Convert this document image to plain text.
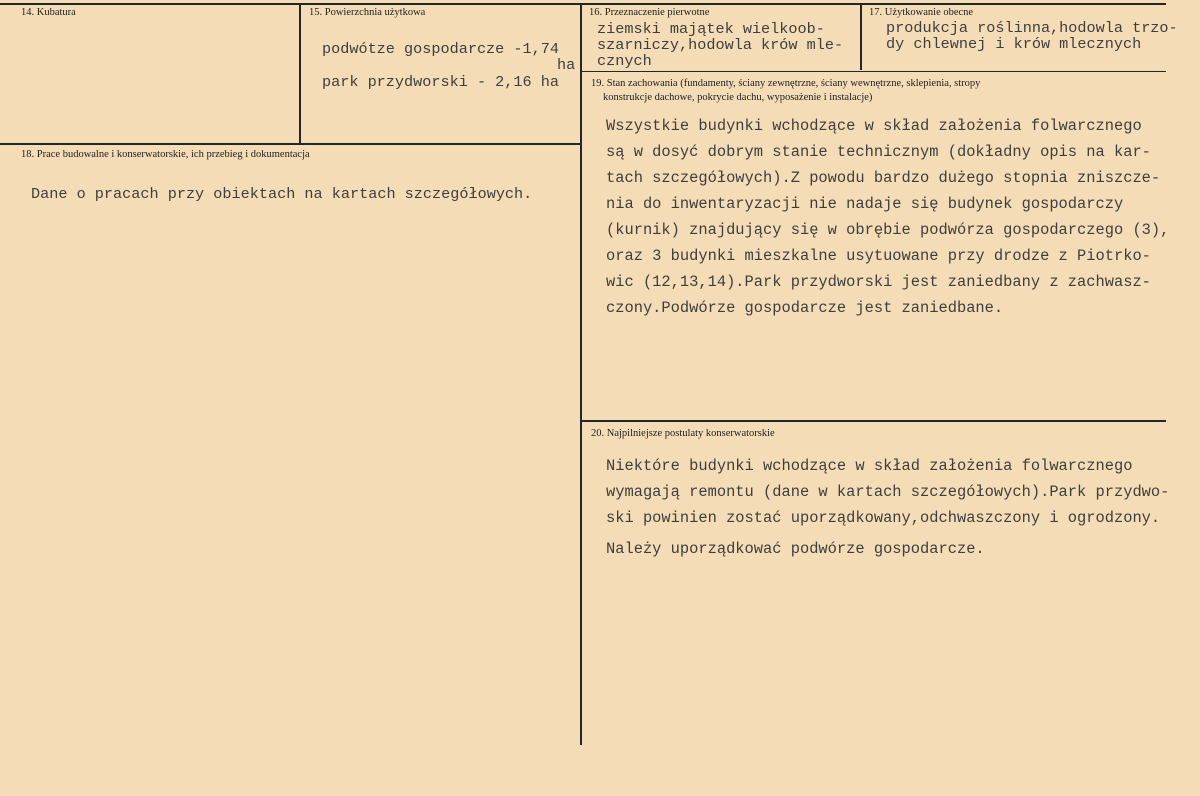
14. Kubatura	15. Powierzchnia użytkowa
podwótze gospodarcze -1,74
ha
park przydworski - 2,16 ha
16. Przeznaczenie pierwotne
ziemski majątek wielkoob-
szarniczy,hodowla krów mle-
cznych
17. Użytkowanie obecne
produkcja roślinna,hodowla trzo-
dy chlewnej i krów mlecznych
18. Prace budowalne i konserwatorskie, ich przebieg i dokumentacja
Dane o pracach przy obiektach na kartach szczegółowych.
19. Stan zachowania (fundamenty, ściany zewnętrzne, ściany wewnętrzne, sklepienia, stropy
konstrukcje dachowe, pokrycie dachu, wyposażenie i instalacje)
Wszystkie budynki wchodzące w skład założenia folwarcznego
są w dosyć dobrym stanie technicznym (dokładny opis na kar-
tach szczegółowych).Z powodu bardzo dużego stopnia zniszcze-
nia do inwentaryzacji nie nadaje się budynek gospodarczy
(kurnik) znajdujący się w obrębie podwórza gospodarczego (3),
oraz 3 budynki mieszkalne usytuowane przy drodze z Piotrko-
wic (12,13,14).Park przydworski jest zaniedbany z zachwasz-
czony.Podwórze gospodarcze jest zaniedbane.
20. Najpilniejsze postulaty konserwatorskie
Niektóre budynki wchodzące w skład założenia folwarcznego
wymagają remontu (dane w kartach szczegółowych).Park przydwo-
ski powinien zostać uporządkowany,odchwaszczony i ogrodzony.
Należy uporządkować podwórze gospodarcze.
